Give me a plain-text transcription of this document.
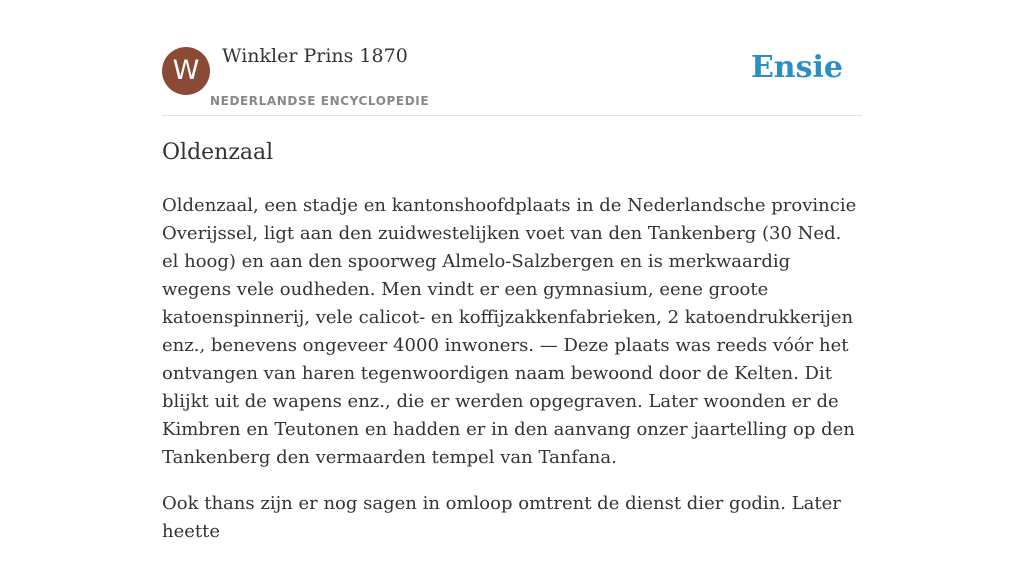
W	Winkler Prins 1870
NEDERLANDSE ENCYCLOPEDIE
Ensie
Oldenzaal

Oldenzaal, een stadje en kantonshoofdplaats in de Nederlandsche provincie Overijssel, ligt aan den zuidwestelijken voet van den Tankenberg (30 Ned. el hoog) en aan den spoorweg Almelo-Salzbergen en is merkwaardig wegens vele oudheden. Men vindt er een gymnasium, eene groote katoenspinnerij, vele calicot- en koffijzakkenfabrieken, 2 katoendrukkerijen enz., benevens ongeveer 4000 inwoners. — Deze plaats was reeds vóór het ontvangen van haren tegenwoordigen naam bewoond door de Kelten. Dit blijkt uit de wapens enz., die er werden opgegraven. Later woonden er de Kimbren en Teutonen en hadden er in den aanvang onzer jaartelling op den Tankenberg den vermaarden tempel van Tanfana.

Ook thans zijn er nog sagen in omloop omtrent de dienst dier godin. Later heette
